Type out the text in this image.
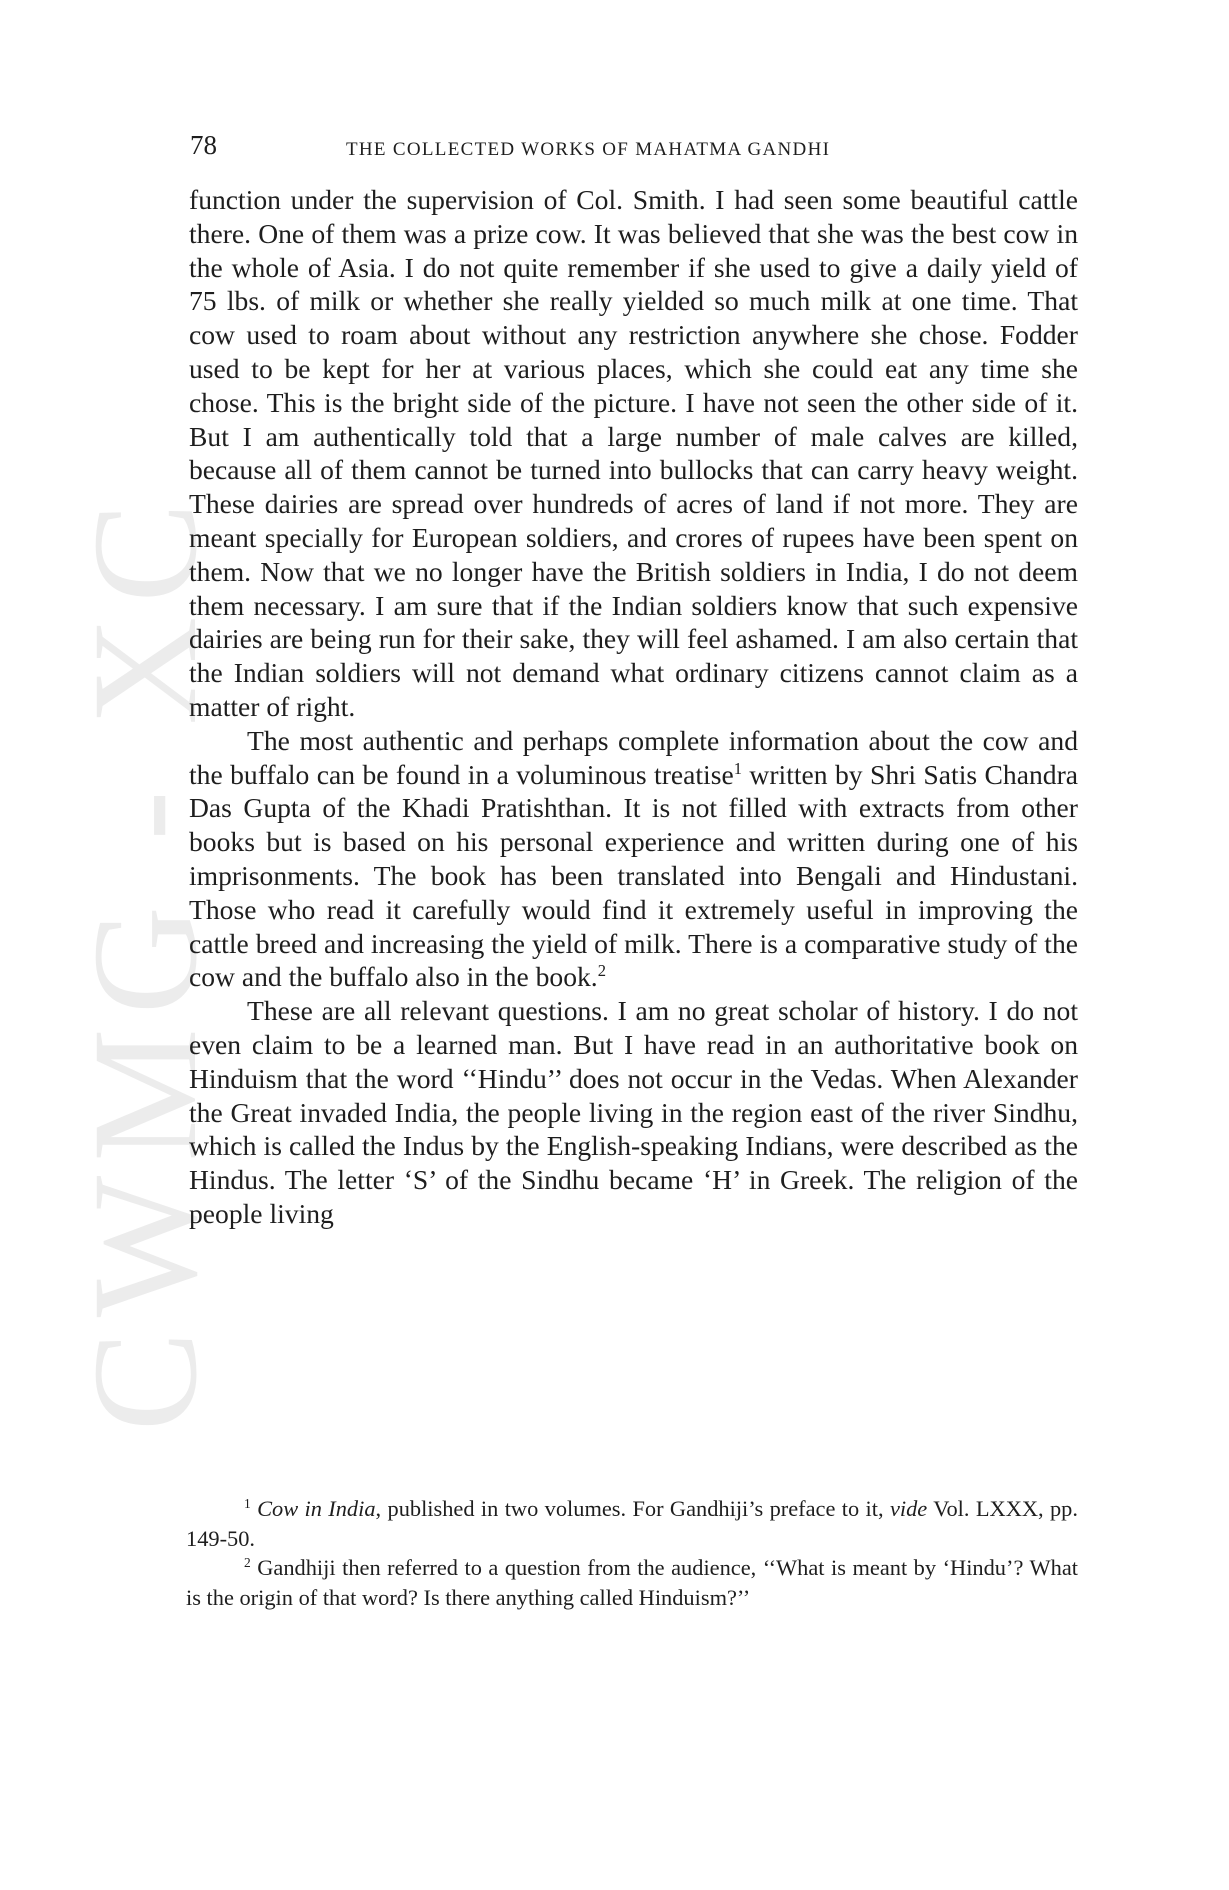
CWMG - XC
78	THE COLLECTED WORKS OF MAHATMA GANDHI

function under the supervision of Col. Smith. I had seen some beautiful cattle there. One of them was a prize cow. It was believed that she was the best cow in the whole of Asia. I do not quite remember if she used to give a daily yield of 75 lbs. of milk or whether she really yielded so much milk at one time. That cow used to roam about without any restriction anywhere she chose. Fodder used to be kept for her at various places, which she could eat any time she chose. This is the bright side of the picture. I have not seen the other side of it. But I am authentically told that a large number of male calves are killed, because all of them cannot be turned into bullocks that can carry heavy weight. These dairies are spread over hundreds of acres of land if not more. They are meant specially for European soldiers, and crores of rupees have been spent on them. Now that we no longer have the British soldiers in India, I do not deem them necessary. I am sure that if the Indian soldiers know that such expensive dairies are being run for their sake, they will feel ashamed. I am also certain that the Indian soldiers will not demand what ordinary citizens cannot claim as a matter of right.

The most authentic and perhaps complete information about the cow and the buffalo can be found in a voluminous treatise$^1$ written by Shri Satis Chandra Das Gupta of the Khadi Pratishthan. It is not filled with extracts from other books but is based on his personal experience and written during one of his imprisonments. The book has been translated into Bengali and Hindustani. Those who read it carefully would find it extremely useful in improving the cattle breed and increasing the yield of milk. There is a comparative study of the cow and the buffalo also in the book.$^2$

These are all relevant questions. I am no great scholar of history. I do not even claim to be a learned man. But I have read in an authoritative book on Hinduism that the word ‘‘Hindu’’ does not occur in the Vedas. When Alexander the Great invaded India, the people living in the region east of the river Sindhu, which is called the Indus by the English-speaking Indians, were described as the Hindus. The letter ‘S’ of the Sindhu became ‘H’ in Greek. The religion of the people living

$^1$ Cow in India, published in two volumes. For Gandhiji’s preface to it, vide Vol. LXXX, pp. 149-50.

$^2$ Gandhiji then referred to a question from the audience, ‘‘What is meant by ‘Hindu’? What is the origin of that word? Is there anything called Hinduism?’’
